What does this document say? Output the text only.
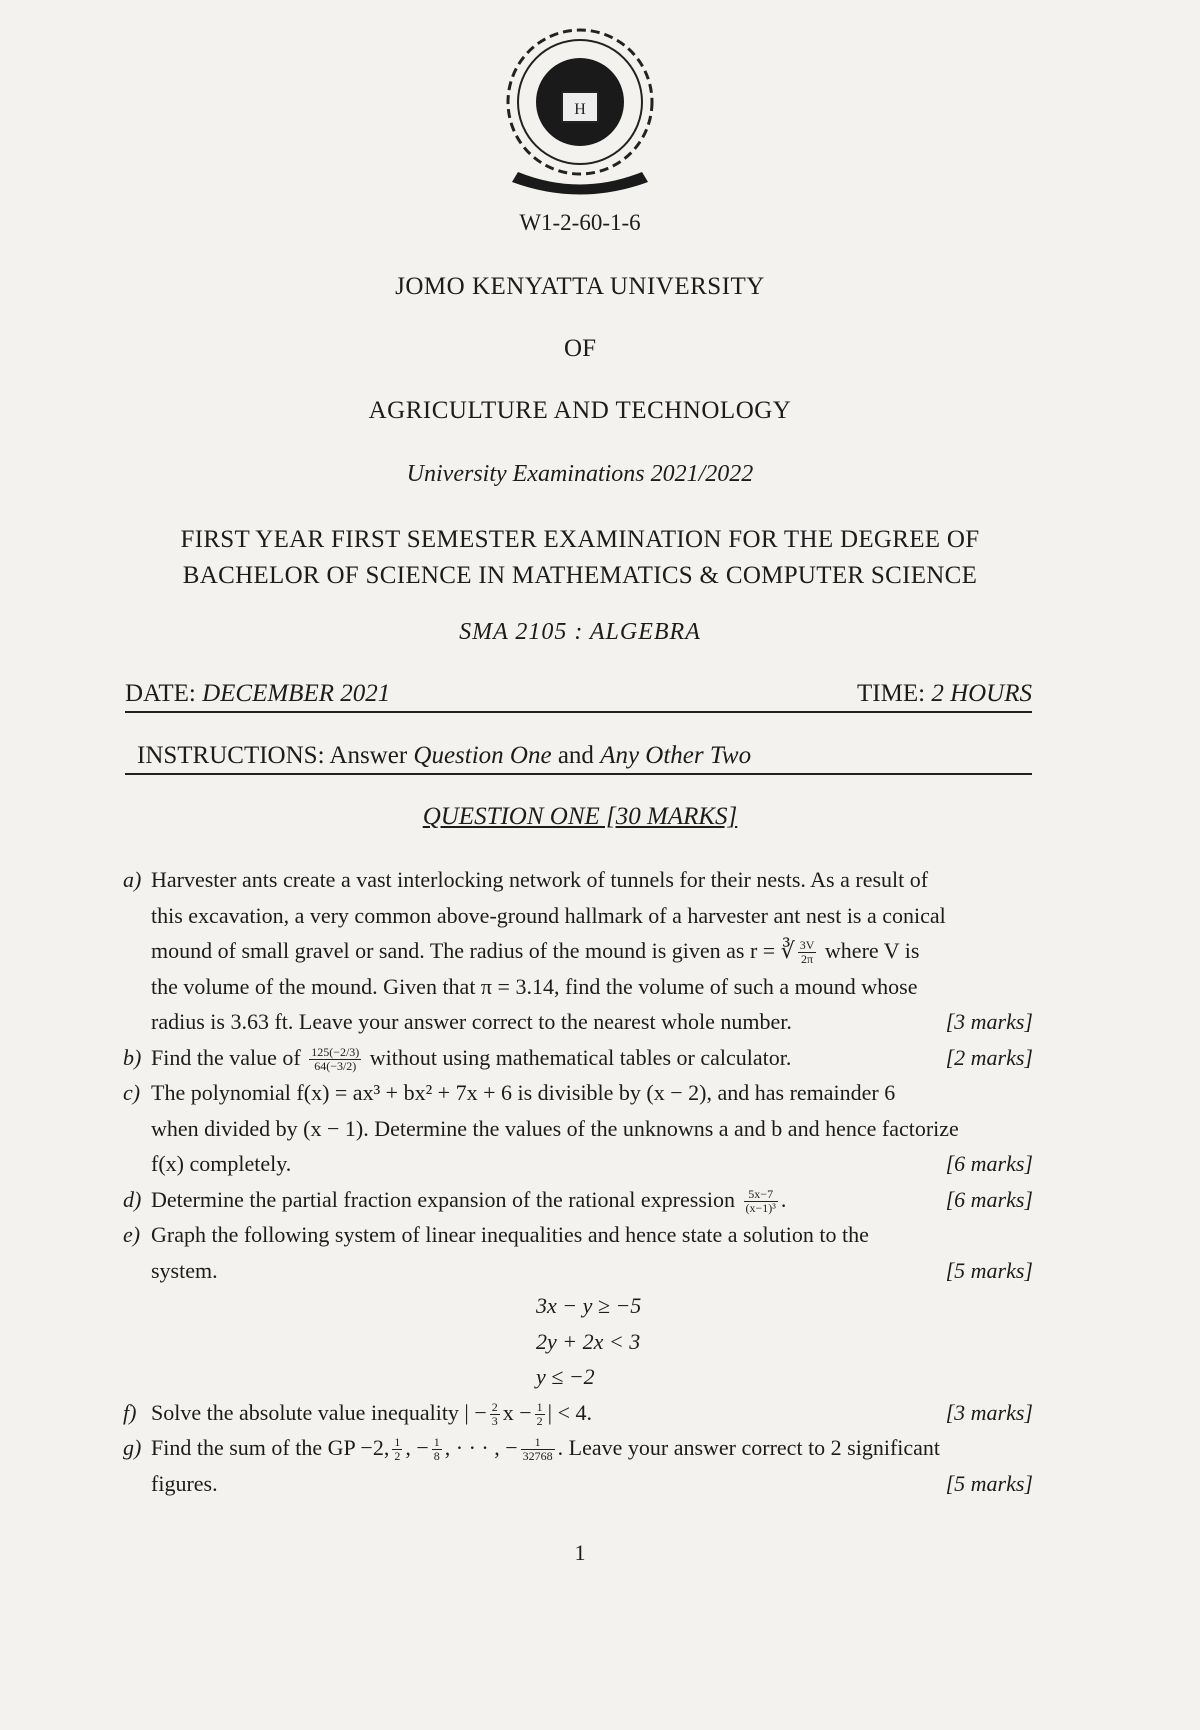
H
W1-2-60-1-6
JOMO KENYATTA UNIVERSITY
OF
AGRICULTURE AND TECHNOLOGY
University Examinations 2021/2022
FIRST YEAR FIRST SEMESTER EXAMINATION FOR THE DEGREE OF
BACHELOR OF SCIENCE IN MATHEMATICS & COMPUTER SCIENCE
SMA 2105 : ALGEBRA
DATE: DECEMBER 2021	TIME: 2 HOURS
INSTRUCTIONS: Answer Question One and Any Other Two
QUESTION ONE [30 MARKS]
a) Harvester ants create a vast interlocking network of tunnels for their nests. As a result of
this excavation, a very common above-ground hallmark of a harvester ant nest is a conical
mound of small gravel or sand. The radius of the mound is given as r = ∛ $\frac{3V}{2\pi}$ where V is
the volume of the mound. Given that π = 3.14, find the volume of such a mound whose
[3 marks]
radius is 3.63 ft. Leave your answer correct to the nearest whole number.
b)	[2 marks]
Find the value of $\frac{125(-2/3)}{64(-3/2)}$ without using mathematical tables or calculator.
c) The polynomial f(x) = ax³ + bx² + 7x + 6 is divisible by (x − 2), and has remainder 6
when divided by (x − 1). Determine the values of the unknowns a and b and hence factorize
[6 marks]
f(x) completely.
d)	[6 marks]
Determine the partial fraction expansion of the rational expression $\frac{5x-7}{\text{(x−1)³}}$ .
e) Graph the following system of linear inequalities and hence state a solution to the
[5 marks]
system.
3x − y ≥ −5
2y + 2x < 3
y ≤ −2
f)	[3 marks]
Solve the absolute value inequality | − $\frac{2}{3}$ $x - \frac{1}{2}$ | < 4.
g) Find the sum of the GP −2, $\frac{1}{2}$ , − $\frac{1}{8}$ , · · · , − $\frac{1}{32768}$ . Leave your answer correct to 2 significant
[5 marks]
figures.
1
